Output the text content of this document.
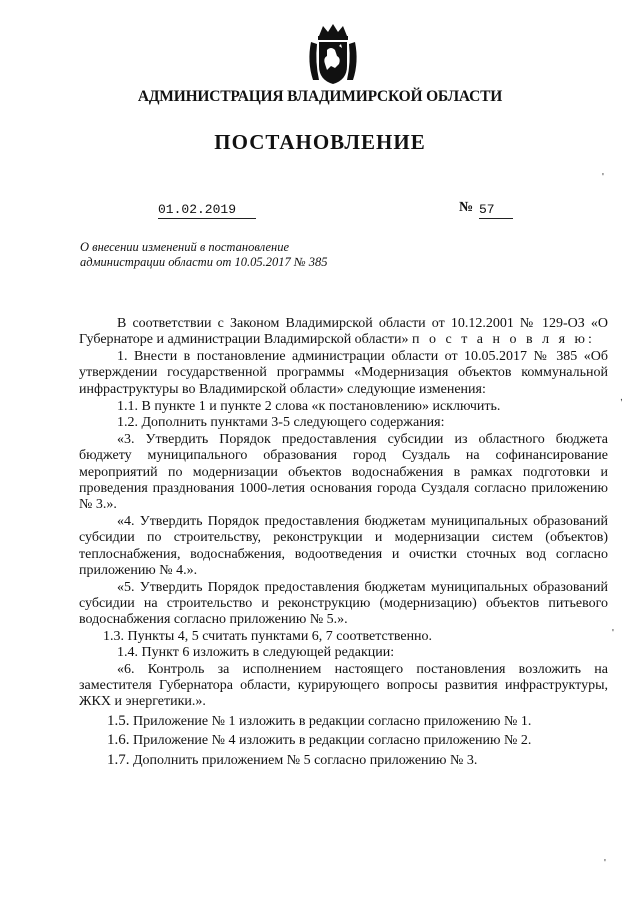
АДМИНИСТРАЦИЯ ВЛАДИМИРСКОЙ ОБЛАСТИ
ПОСТАНОВЛЕНИЕ
01.02.2019	№ 57
О внесении изменений в постановление
администрации области от 10.05.2017 № 385

В соответствии с Законом Владимирской области от 10.12.2001 № 129-ОЗ «О Губернаторе и администрации Владимирской области» п о с т а н о в л я ю:

1. Внести в постановление администрации области от 10.05.2017 № 385 «Об утверждении государственной программы «Модернизация объектов коммунальной инфраструктуры во Владимирской области» следующие изменения:

1.1. В пункте 1 и пункте 2 слова «к постановлению» исключить.

1.2. Дополнить пунктами 3-5 следующего содержания:

«3. Утвердить Порядок предоставления субсидии из областного бюджета бюджету муниципального образования город Суздаль на софинансирование мероприятий по модернизации объектов водоснабжения в рамках подготовки и проведения празднования 1000-летия основания города Суздаля согласно приложению № 3.».

«4. Утвердить Порядок предоставления бюджетам муниципальных образований субсидии по строительству, реконструкции и модернизации систем (объектов) теплоснабжения, водоснабжения, водоотведения и очистки сточных вод согласно приложению № 4.».

«5. Утвердить Порядок предоставления бюджетам муниципальных образований субсидии на строительство и реконструкцию (модернизацию) объектов питьевого водоснабжения согласно приложению № 5.».

1.3. Пункты 4, 5 считать пунктами 6, 7 соответственно.

1.4. Пункт 6 изложить в следующей редакции:

«6. Контроль за исполнением настоящего постановления возложить на заместителя Губернатора области, курирующего вопросы развития инфраструктуры, ЖКХ и энергетики.».

1.5. Приложение № 1 изложить в редакции согласно приложению № 1.

1.6. Приложение № 4 изложить в редакции согласно приложению № 2.

1.7. Дополнить приложением № 5 согласно приложению № 3.

'
,
'
'
